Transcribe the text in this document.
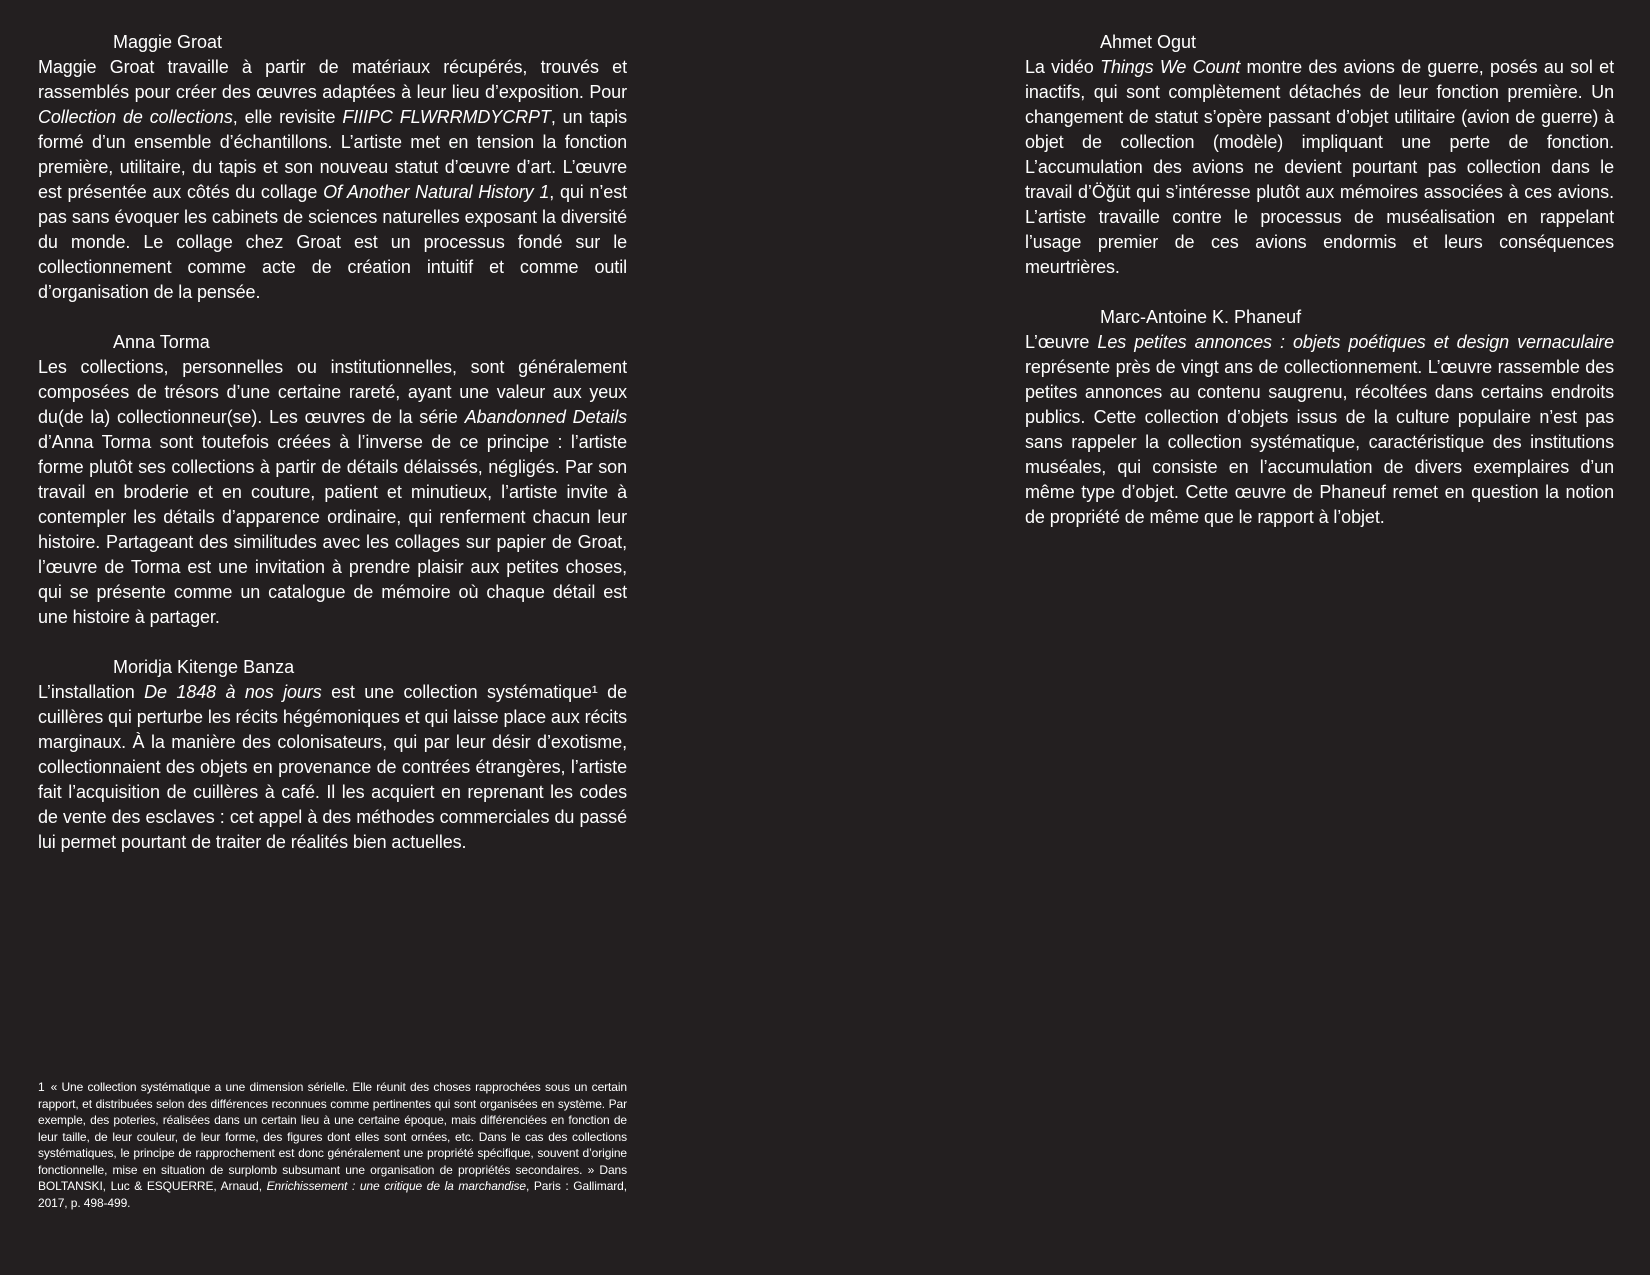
Maggie Groat

Maggie Groat travaille à partir de matériaux récupérés, trouvés et rassemblés pour créer des œuvres adaptées à leur lieu d’exposition. Pour Collection de collections, elle revisite FIIIPC FLWRRMDYCRPT, un tapis formé d’un ensemble d’échantillons. L’artiste met en tension la fonction première, utilitaire, du tapis et son nouveau statut d’œuvre d’art. L’œuvre est présentée aux côtés du collage Of Another Natural History 1, qui n’est pas sans évoquer les cabinets de sciences naturelles exposant la diversité du monde. Le collage chez Groat est un processus fondé sur le collectionnement comme acte de création intuitif et comme outil d’organisation de la pensée.

Anna Torma

Les collections, personnelles ou institutionnelles, sont généralement composées de trésors d’une certaine rareté, ayant une valeur aux yeux du(de la) collectionneur(se). Les œuvres de la série Abandonned Details d’Anna Torma sont toutefois créées à l’inverse de ce principe : l’artiste forme plutôt ses collections à partir de détails délaissés, négligés. Par son travail en broderie et en couture, patient et minutieux, l’artiste invite à contempler les détails d’apparence ordinaire, qui renferment chacun leur histoire. Partageant des similitudes avec les collages sur papier de Groat, l’œuvre de Torma est une invitation à prendre plaisir aux petites choses, qui se présente comme un catalogue de mémoire où chaque détail est une histoire à partager.

Moridja Kitenge Banza

L’installation De 1848 à nos jours est une collection systématique¹ de cuillères qui perturbe les récits hégémoniques et qui laisse place aux récits marginaux. À la manière des colonisateurs, qui par leur désir d’exotisme, collectionnaient des objets en provenance de contrées étrangères, l’artiste fait l’acquisition de cuillères à café. Il les acquiert en reprenant les codes de vente des esclaves : cet appel à des méthodes commerciales du passé lui permet pourtant de traiter de réalités bien actuelles.

1 « Une collection systématique a une dimension sérielle. Elle réunit des choses rapprochées sous un certain rapport, et distribuées selon des différences reconnues comme pertinentes qui sont organisées en système. Par exemple, des poteries, réalisées dans un certain lieu à une certaine époque, mais différenciées en fonction de leur taille, de leur couleur, de leur forme, des figures dont elles sont ornées, etc. Dans le cas des collections systématiques, le principe de rapprochement est donc généralement une propriété spécifique, souvent d’origine fonctionnelle, mise en situation de surplomb subsumant une organisation de propriétés secondaires. » Dans BOLTANSKI, Luc & ESQUERRE, Arnaud, Enrichissement : une critique de la marchandise, Paris : Gallimard, 2017, p. 498-499.

Ahmet Ogut

La vidéo Things We Count montre des avions de guerre, posés au sol et inactifs, qui sont complètement détachés de leur fonction première. Un changement de statut s’opère passant d’objet utilitaire (avion de guerre) à objet de collection (modèle) impliquant une perte de fonction. L’accumulation des avions ne devient pourtant pas collection dans le travail d’Öğüt qui s’intéresse plutôt aux mémoires associées à ces avions. L’artiste travaille contre le processus de muséalisation en rappelant l’usage premier de ces avions endormis et leurs conséquences meurtrières.

Marc-Antoine K. Phaneuf

L’œuvre Les petites annonces : objets poétiques et design vernaculaire représente près de vingt ans de collectionnement. L’œuvre rassemble des petites annonces au contenu saugrenu, récoltées dans certains endroits publics. Cette collection d’objets issus de la culture populaire n’est pas sans rappeler la collection systématique, caractéristique des institutions muséales, qui consiste en l’accumulation de divers exemplaires d’un même type d’objet. Cette œuvre de Phaneuf remet en question la notion de propriété de même que le rapport à l’objet.
